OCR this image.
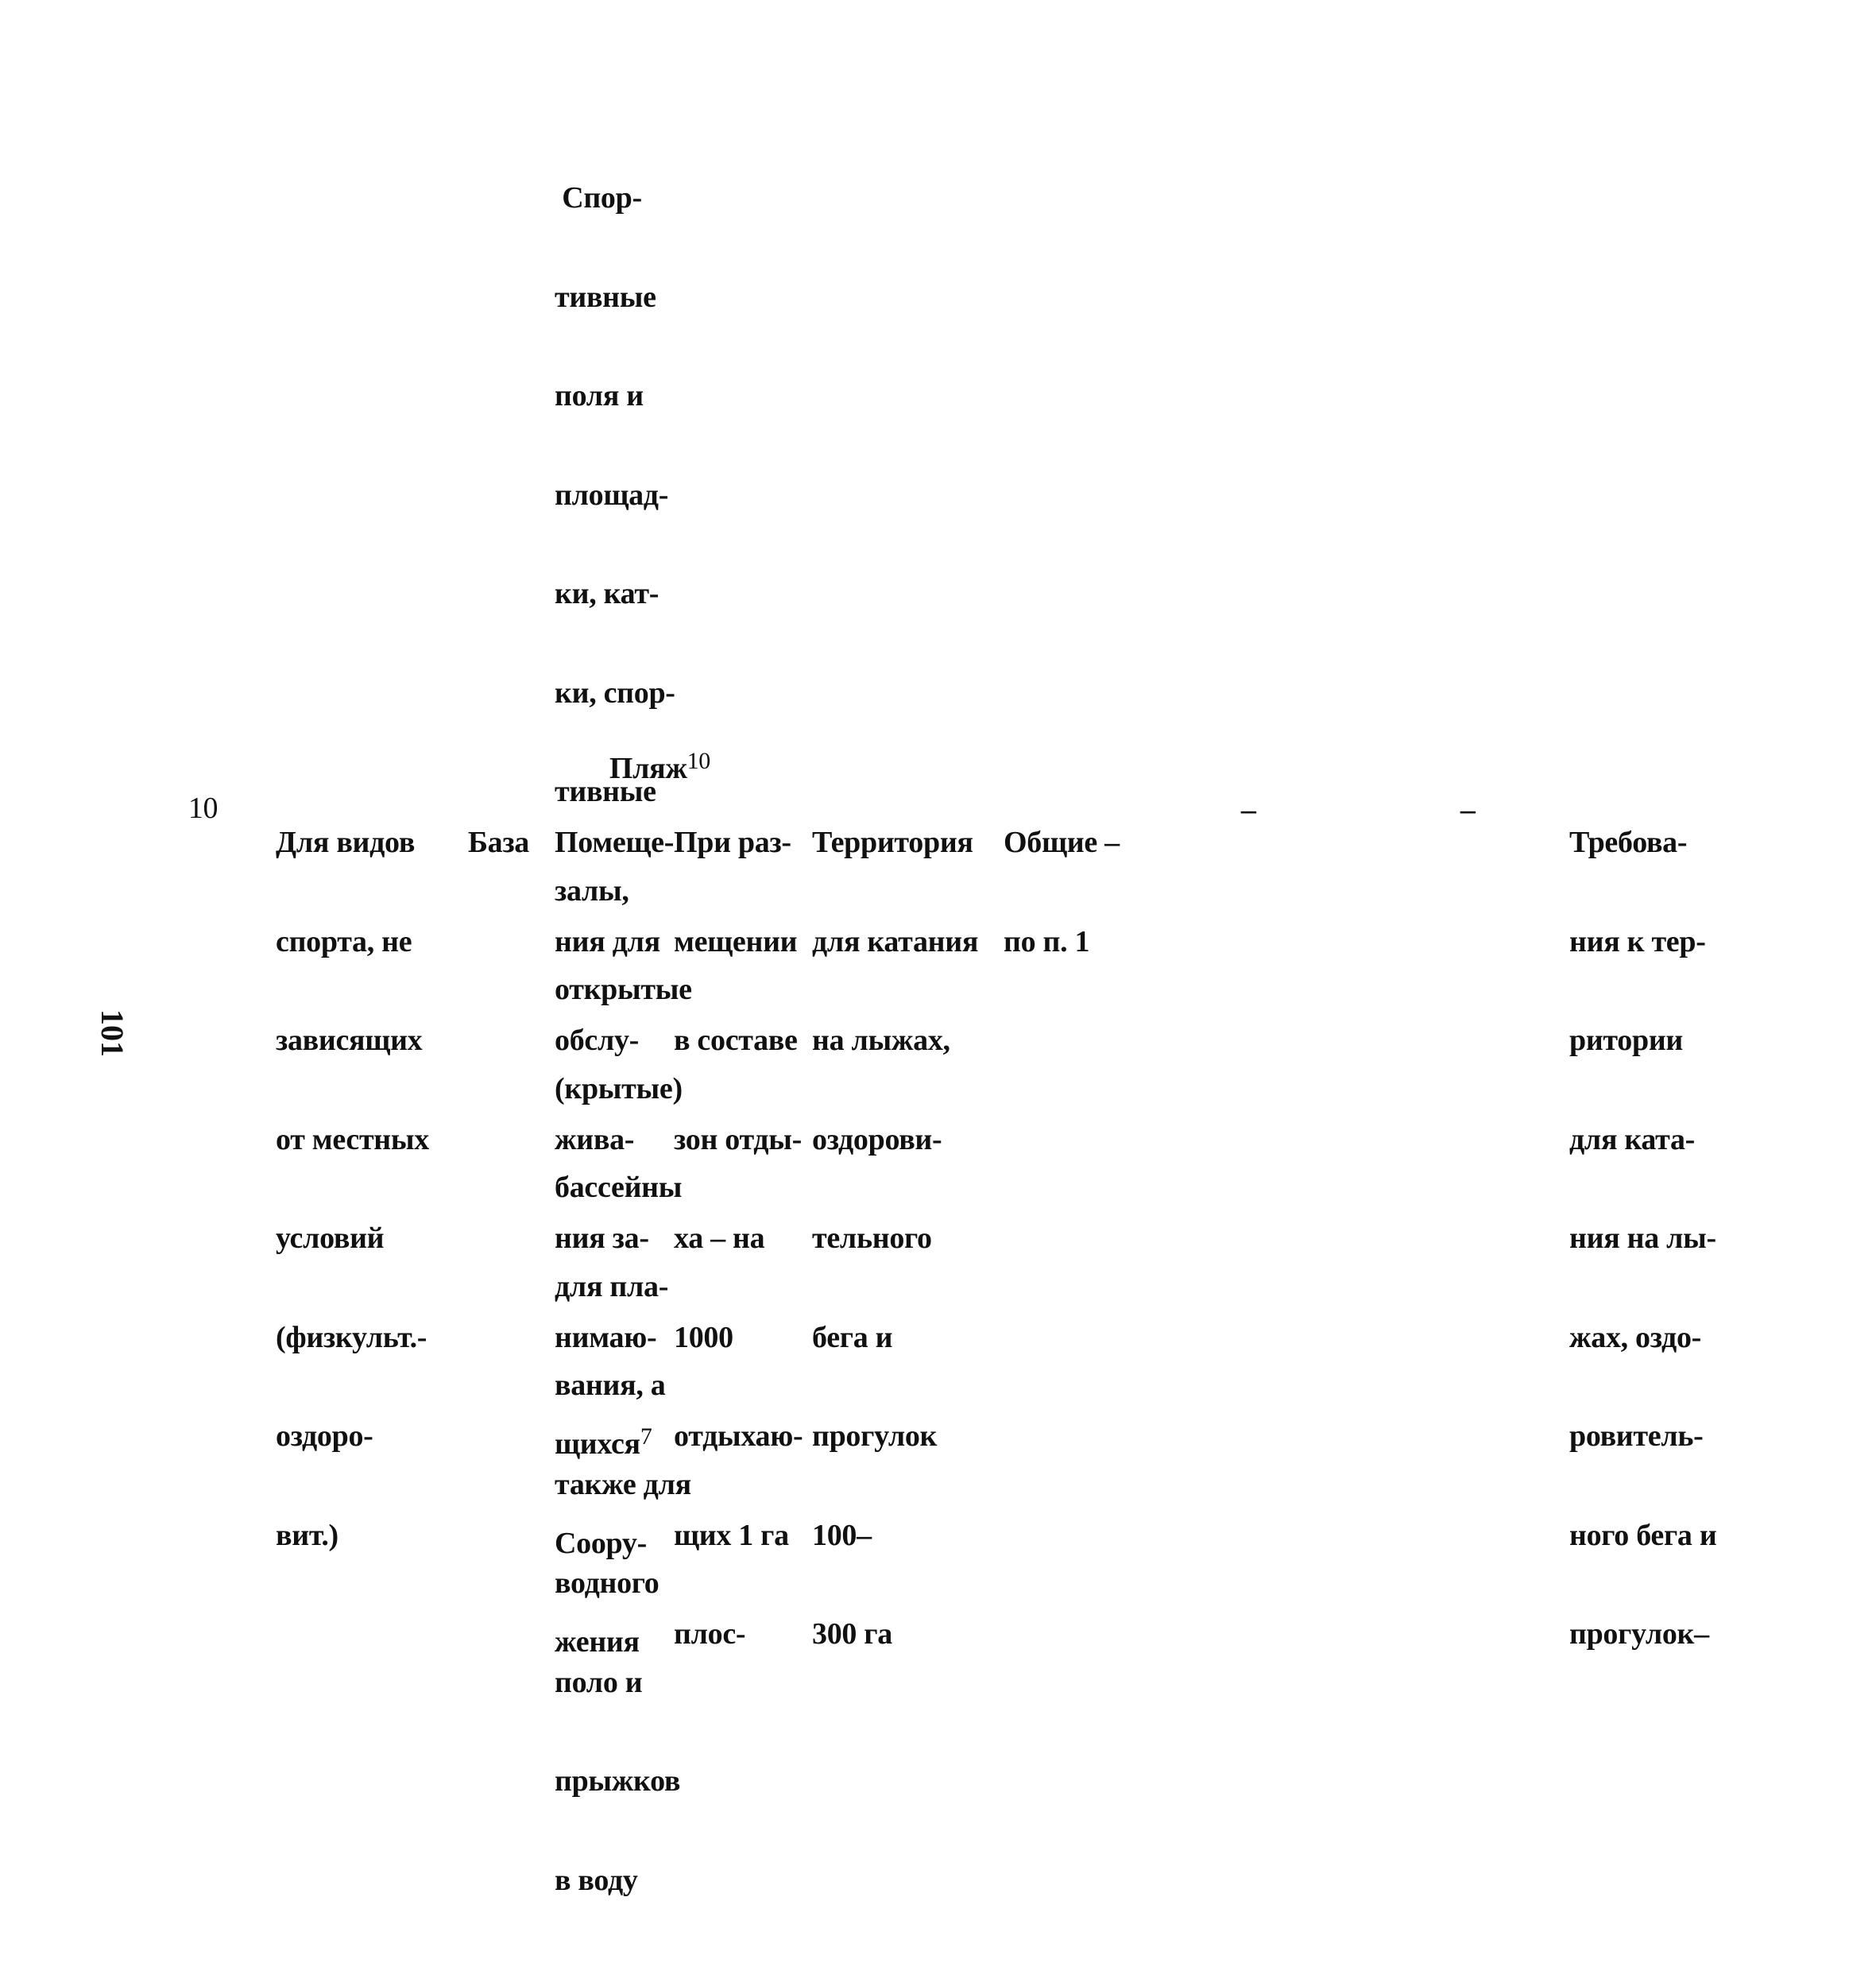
Спор-

тивные

поля и

площад-

ки, кат-

ки, спор-

тивные

залы,

открытые

(крытые)

бассейны

для пла-

вания, а

также для

водного

поло и

прыжков

в воду

Пляж$^{10}$

10

Для видов

спорта, не

зависящих

от местных

условий

(физкульт.-

оздоро-

вит.)

База

Помеще-

ния для

обслу-

жива-

ния за-

нимаю-

щихся$^7$

Соору-

жения

При раз-

мещении

в составе

зон отды-

ха – на

1000

отдыхаю-

щих 1 га

плос-

Территория

для катания

на лыжах,

оздорови-

тельного

бега и

прогулок

100–

300 га

Общие –

по п. 1

–
	–

Требова-

ния к тер-

ритории

для ката-

ния на лы-

жах, оздо-

ровитель-

ного бега и

прогулок–

101
